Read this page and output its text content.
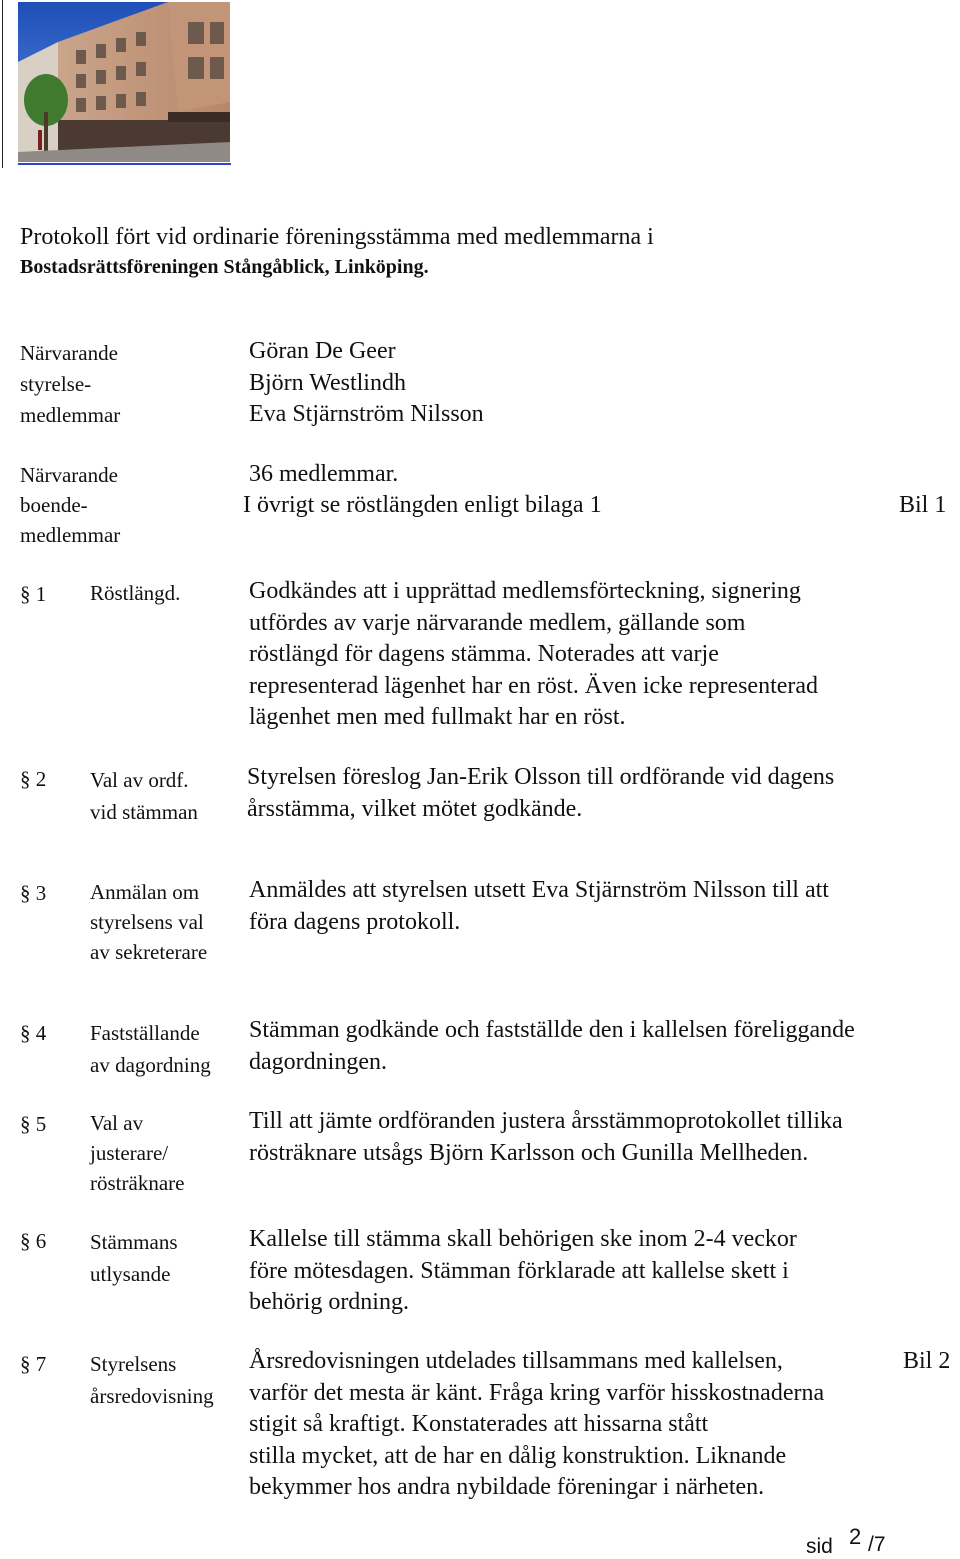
Protokoll fört vid ordinarie föreningsstämma med medlemmarna i
Bostadsrättsföreningen Stångåblick, Linköping.
Närvarande
styrelse-
medlemmar
Göran De Geer
Björn Westlindh
Eva Stjärnström Nilsson
Närvarande
boende-
medlemmar
36 medlemmar.
I övrigt se röstlängden enligt bilaga 1	Bil 1
§ 1 Röstlängd.	Godkändes att i upprättad medlemsförteckning, signering
utfördes av varje närvarande medlem, gällande som
röstlängd för dagens stämma. Noterades att varje
representerad lägenhet har en röst. Även icke representerad
lägenhet men med fullmakt har en röst.
§ 2 Val av ordf.
vid stämman
Styrelsen föreslog Jan-Erik Olsson till ordförande vid dagens
årsstämma, vilket mötet godkände.
§ 3 Anmälan om
styrelsens val
av sekreterare
Anmäldes att styrelsen utsett Eva Stjärnström Nilsson till att
föra dagens protokoll.
§ 4 Fastställande
av dagordning
Stämman godkände och fastställde den i kallelsen föreliggande
dagordningen.
§ 5 Val av
justerare/
rösträknare
Till att jämte ordföranden justera årsstämmoprotokollet tillika
rösträknare utsågs Björn Karlsson och Gunilla Mellheden.
§ 6 Stämmans
utlysande
Kallelse till stämma skall behörigen ske inom 2-4 veckor
före mötesdagen. Stämman förklarade att kallelse skett i
behörig ordning.
§ 7 Styrelsens
årsredovisning
Årsredovisningen utdelades tillsammans med kallelsen,
varför det mesta är känt. Fråga kring varför hisskostnaderna
stigit så kraftigt. Konstaterades att hissarna stått
stilla mycket, att de har en dålig konstruktion. Liknande
bekymmer hos andra nybildade föreningar i närheten.
Bil 2
sid 2 /7
